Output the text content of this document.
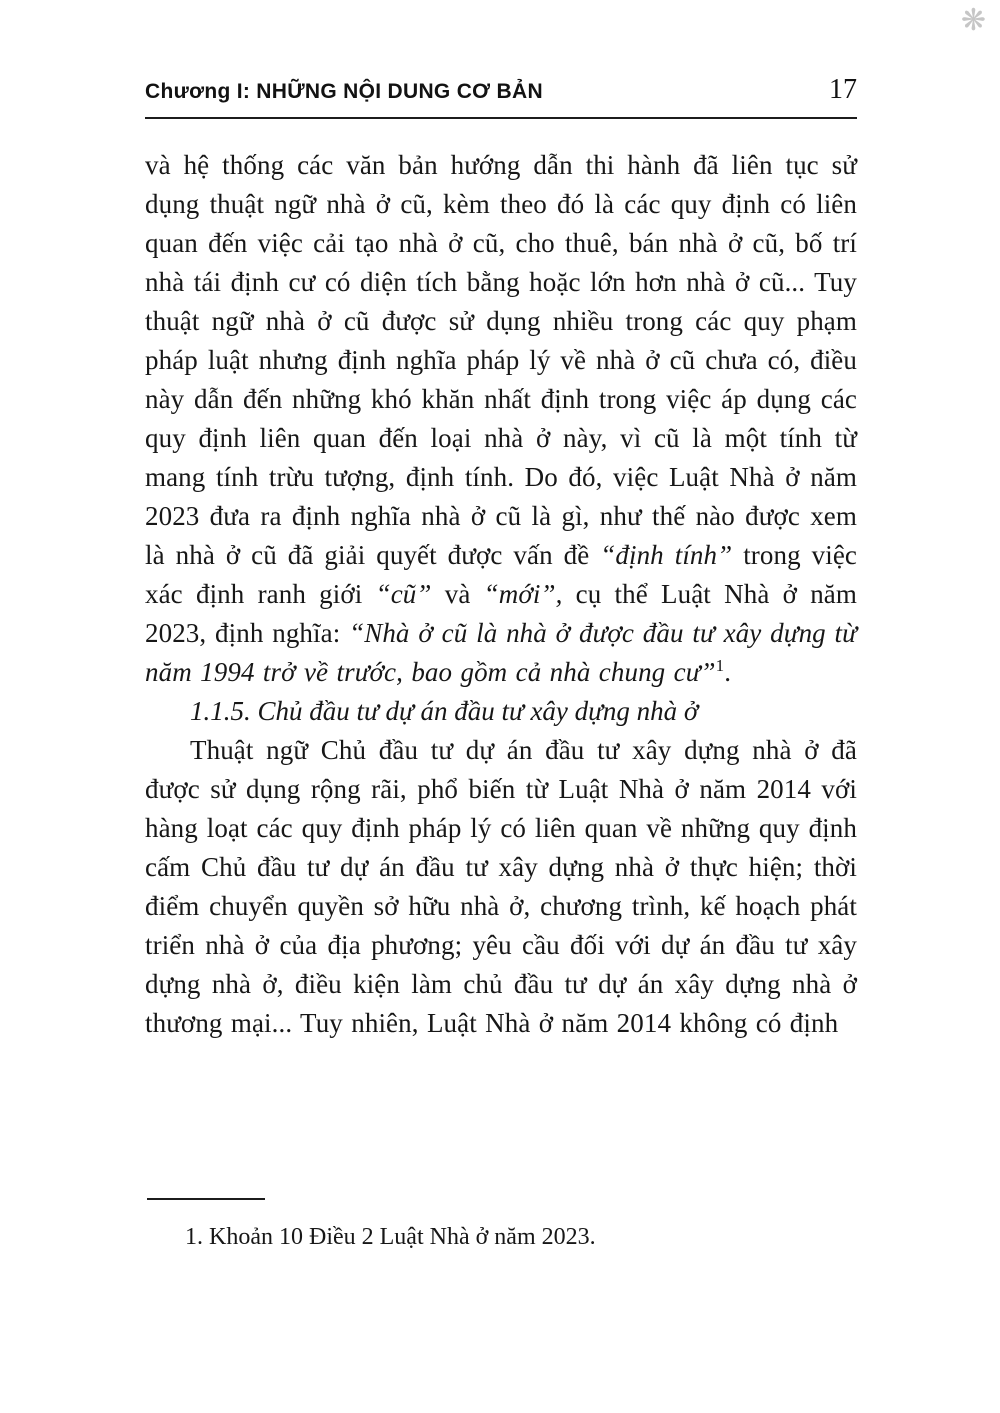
❋
Chương I: NHỮNG NỘI DUNG CƠ BẢN	17

và hệ thống các văn bản hướng dẫn thi hành đã liên tục sử dụng thuật ngữ nhà ở cũ, kèm theo đó là các quy định có liên quan đến việc cải tạo nhà ở cũ, cho thuê, bán nhà ở cũ, bố trí nhà tái định cư có diện tích bằng hoặc lớn hơn nhà ở cũ... Tuy thuật ngữ nhà ở cũ được sử dụng nhiều trong các quy phạm pháp luật nhưng định nghĩa pháp lý về nhà ở cũ chưa có, điều này dẫn đến những khó khăn nhất định trong việc áp dụng các quy định liên quan đến loại nhà ở này, vì cũ là một tính từ mang tính trừu tượng, định tính. Do đó, việc Luật Nhà ở năm 2023 đưa ra định nghĩa nhà ở cũ là gì, như thế nào được xem là nhà ở cũ đã giải quyết được vấn đề “định tính” trong việc xác định ranh giới “cũ” và “mới”, cụ thể Luật Nhà ở năm 2023, định nghĩa: “Nhà ở cũ là nhà ở được đầu tư xây dựng từ năm 1994 trở về trước, bao gồm cả nhà chung cư”$^1$.

1.1.5. Chủ đầu tư dự án đầu tư xây dựng nhà ở

Thuật ngữ Chủ đầu tư dự án đầu tư xây dựng nhà ở đã được sử dụng rộng rãi, phổ biến từ Luật Nhà ở năm 2014 với hàng loạt các quy định pháp lý có liên quan về những quy định cấm Chủ đầu tư dự án đầu tư xây dựng nhà ở thực hiện; thời điểm chuyển quyền sở hữu nhà ở, chương trình, kế hoạch phát triển nhà ở của địa phương; yêu cầu đối với dự án đầu tư xây dựng nhà ở, điều kiện làm chủ đầu tư dự án xây dựng nhà ở thương mại... Tuy nhiên, Luật Nhà ở năm 2014 không có định

1. Khoản 10 Điều 2 Luật Nhà ở năm 2023.
